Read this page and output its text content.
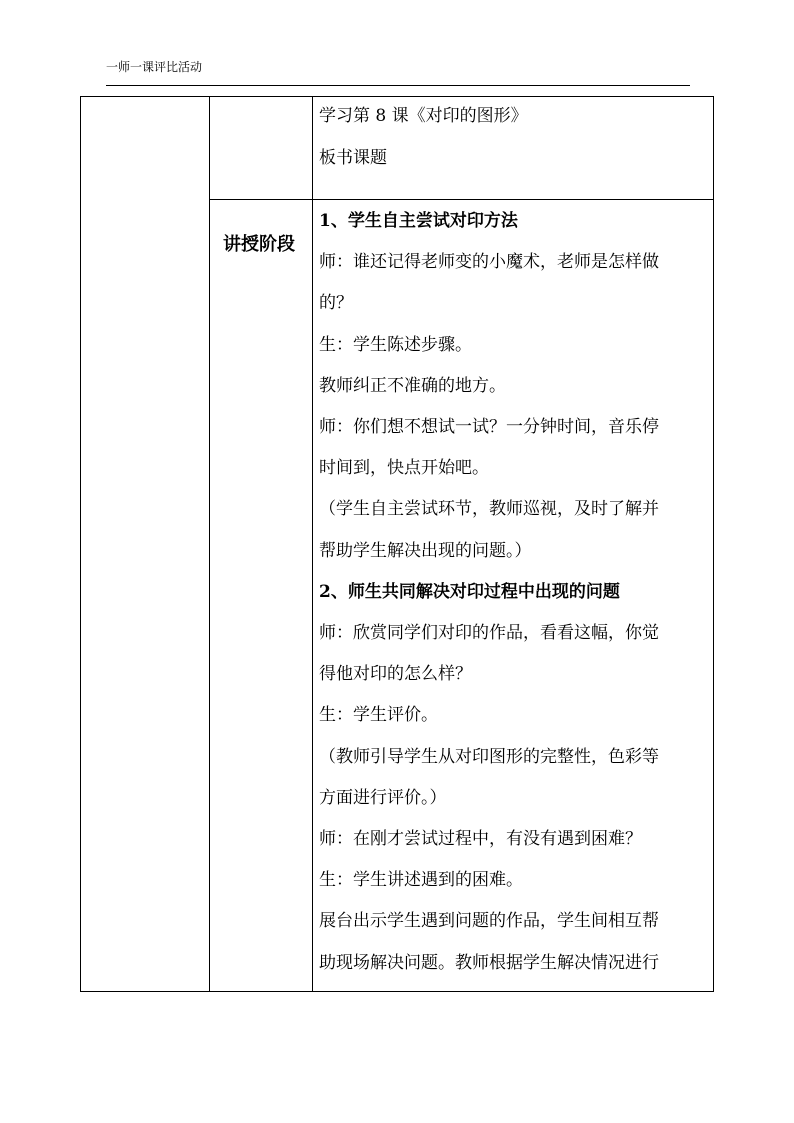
一师一课评比活动
讲授阶段
学习第 8 课《对印的图形》
板书课题
1、学生自主尝试对印方法
师：谁还记得老师变的小魔术，老师是怎样做
的？
生：学生陈述步骤。
教师纠正不准确的地方。
师：你们想不想试一试？一分钟时间，音乐停
时间到，快点开始吧。
（学生自主尝试环节，教师巡视，及时了解并
帮助学生解决出现的问题。）
2、师生共同解决对印过程中出现的问题
师：欣赏同学们对印的作品，看看这幅，你觉
得他对印的怎么样？
生：学生评价。
（教师引导学生从对印图形的完整性，色彩等
方面进行评价。）
师：在刚才尝试过程中，有没有遇到困难？
生：学生讲述遇到的困难。
展台出示学生遇到问题的作品，学生间相互帮
助现场解决问题。教师根据学生解决情况进行
